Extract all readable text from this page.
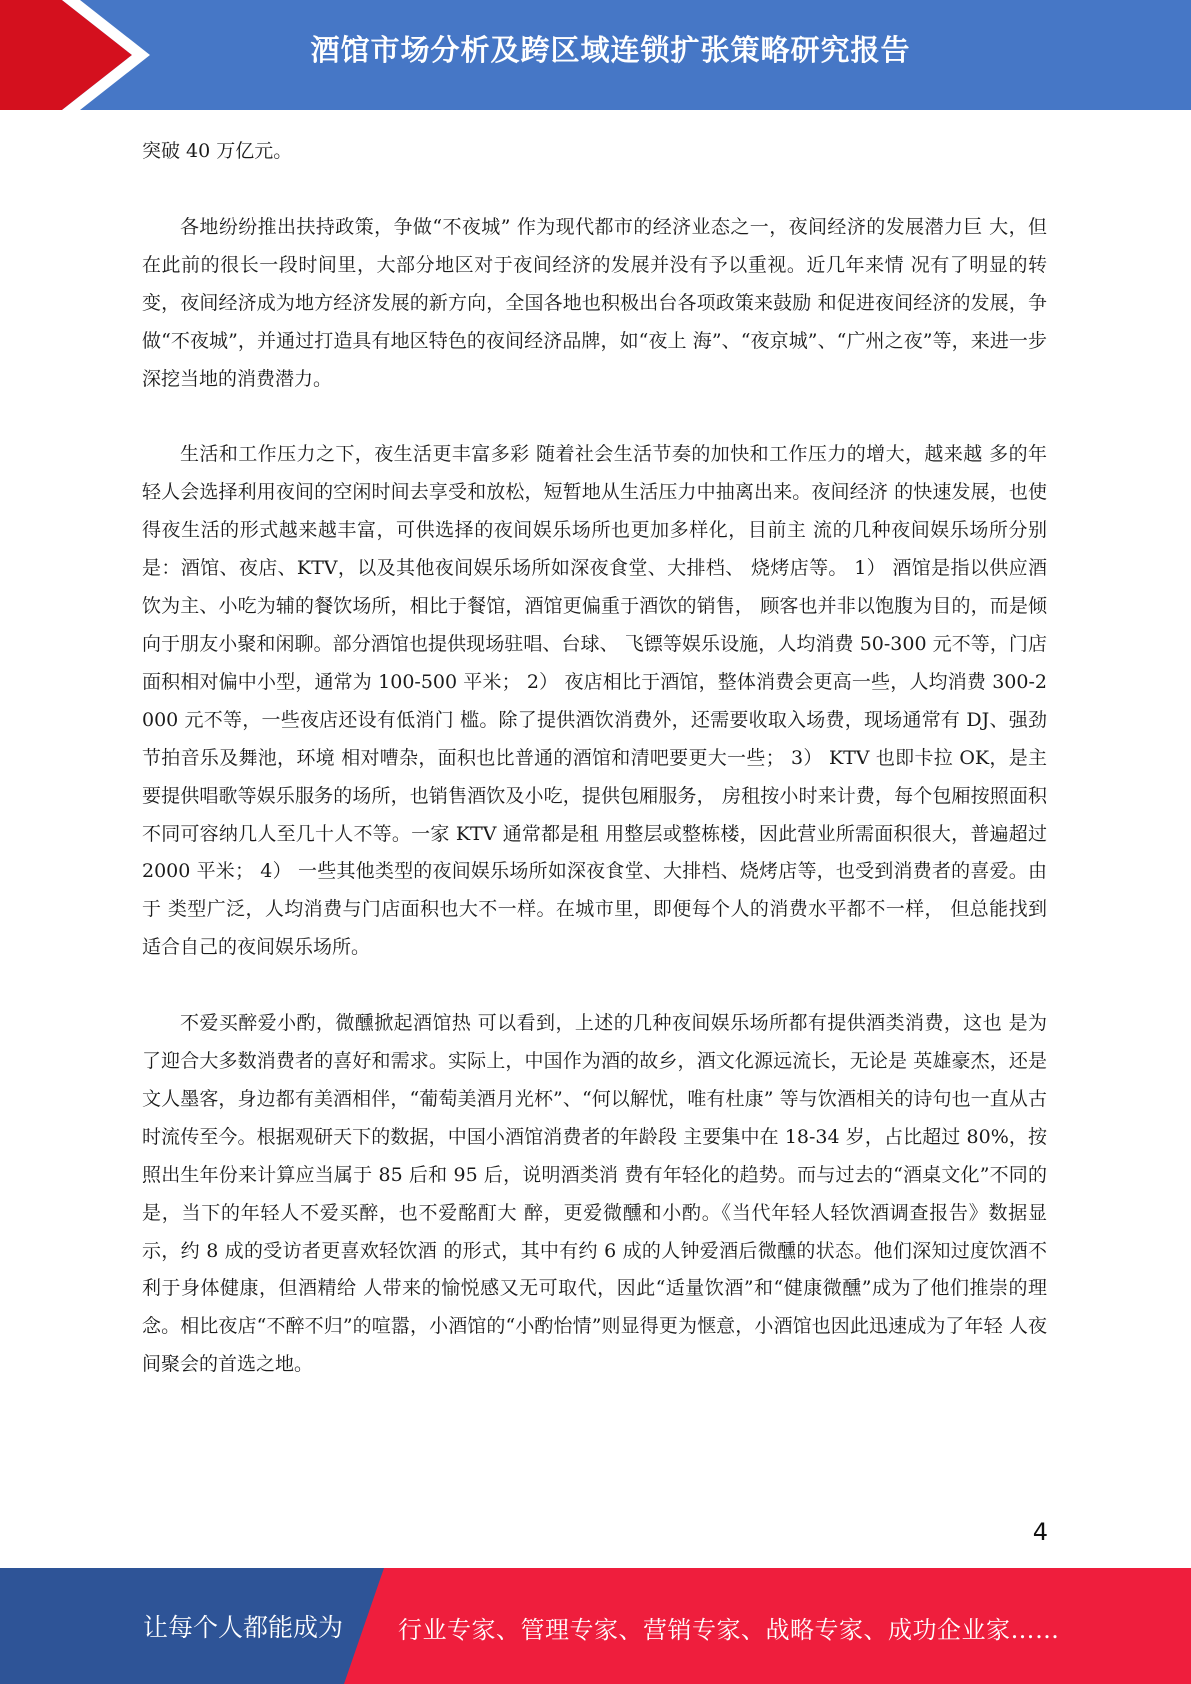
酒馆市场分析及跨区域连锁扩张策略研究报告

突破 40 万亿元。

各地纷纷推出扶持政策，争做“不夜城” 作为现代都市的经济业态之一，夜间经济的发展潜力巨 大，但在此前的很长一段时间里，大部分地区对于夜间经济的发展并没有予以重视。近几年来情 况有了明显的转变，夜间经济成为地方经济发展的新方向，全国各地也积极出台各项政策来鼓励 和促进夜间经济的发展，争做“不夜城”，并通过打造具有地区特色的夜间经济品牌，如“夜上 海”、“夜京城”、“广州之夜”等，来进一步深挖当地的消费潜力。

生活和工作压力之下，夜生活更丰富多彩 随着社会生活节奏的加快和工作压力的增大，越来越 多的年轻人会选择利用夜间的空闲时间去享受和放松，短暂地从生活压力中抽离出来。夜间经济 的快速发展，也使得夜生活的形式越来越丰富，可供选择的夜间娱乐场所也更加多样化，目前主 流的几种夜间娱乐场所分别是：酒馆、夜店、KTV，以及其他夜间娱乐场所如深夜食堂、大排档、 烧烤店等。 1） 酒馆是指以供应酒饮为主、小吃为辅的餐饮场所，相比于餐馆，酒馆更偏重于酒饮的销售， 顾客也并非以饱腹为目的，而是倾向于朋友小聚和闲聊。部分酒馆也提供现场驻唱、台球、 飞镖等娱乐设施，人均消费 50-300 元不等，门店面积相对偏中小型，通常为 100-500 平米； 2） 夜店相比于酒馆，整体消费会更高一些，人均消费 300-2000 元不等，一些夜店还设有低消门 槛。除了提供酒饮消费外，还需要收取入场费，现场通常有 DJ、强劲节拍音乐及舞池，环境 相对嘈杂，面积也比普通的酒馆和清吧要更大一些； 3） KTV 也即卡拉 OK，是主要提供唱歌等娱乐服务的场所，也销售酒饮及小吃，提供包厢服务， 房租按小时来计费，每个包厢按照面积不同可容纳几人至几十人不等。一家 KTV 通常都是租 用整层或整栋楼，因此营业所需面积很大，普遍超过 2000 平米； 4） 一些其他类型的夜间娱乐场所如深夜食堂、大排档、烧烤店等，也受到消费者的喜爱。由于 类型广泛，人均消费与门店面积也大不一样。在城市里，即便每个人的消费水平都不一样， 但总能找到适合自己的夜间娱乐场所。

不爱买醉爱小酌，微醺掀起酒馆热 可以看到，上述的几种夜间娱乐场所都有提供酒类消费，这也 是为了迎合大多数消费者的喜好和需求。实际上，中国作为酒的故乡，酒文化源远流长，无论是 英雄豪杰，还是文人墨客，身边都有美酒相伴，“葡萄美酒月光杯”、“何以解忧，唯有杜康” 等与饮酒相关的诗句也一直从古时流传至今。根据观研天下的数据，中国小酒馆消费者的年龄段 主要集中在 18-34 岁，占比超过 80%，按照出生年份来计算应当属于 85 后和 95 后，说明酒类消 费有年轻化的趋势。而与过去的“酒桌文化”不同的是，当下的年轻人不爱买醉，也不爱酩酊大 醉，更爱微醺和小酌。《当代年轻人轻饮酒调查报告》数据显示，约 8 成的受访者更喜欢轻饮酒 的形式，其中有约 6 成的人钟爱酒后微醺的状态。他们深知过度饮酒不利于身体健康，但酒精给 人带来的愉悦感又无可取代，因此“适量饮酒”和“健康微醺”成为了他们推崇的理念。相比夜店“不醉不归”的喧嚣，小酒馆的“小酌怡情”则显得更为惬意，小酒馆也因此迅速成为了年轻 人夜间聚会的首选之地。

4
让每个人都能成为 行业专家、管理专家、营销专家、战略专家、成功企业家……
